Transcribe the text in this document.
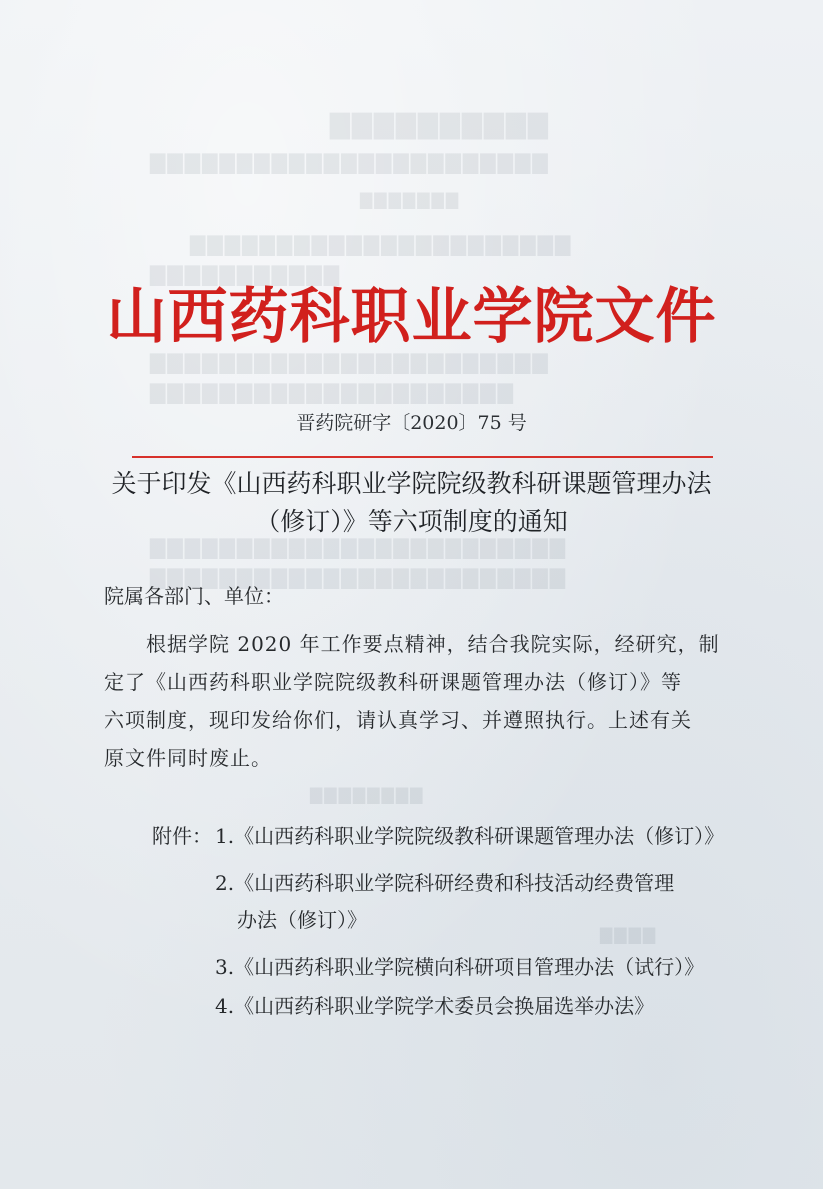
▇▇▇▇▇▇▇▇▇▇
▇▇▇▇▇▇▇▇▇▇▇▇▇▇▇▇▇▇▇▇▇▇▇
▇▇▇▇▇▇▇
▇▇▇▇▇▇▇▇▇▇▇▇▇▇▇▇▇▇▇▇▇▇
▇▇▇▇▇▇▇▇▇▇▇
▇▇▇▇▇▇▇▇▇▇▇▇▇▇▇▇▇▇▇▇▇▇▇
▇▇▇▇▇▇▇▇▇▇▇▇▇▇▇▇▇▇▇▇▇
▇▇▇▇▇▇▇▇▇▇▇▇▇▇▇▇▇▇▇▇▇▇▇▇
▇▇▇▇▇▇▇▇▇▇▇▇▇▇▇▇▇▇▇▇▇▇▇▇
▇▇▇▇▇▇▇▇
▇▇▇▇
山西药科职业学院文件
晋药院研字〔2020〕75 号
关于印发《山西药科职业学院院级教科研课题管理办法
（修订）》等六项制度的通知
院属各部门、单位：
根据学院 2020 年工作要点精神，结合我院实际，经研究，制
定了《山西药科职业学院院级教科研课题管理办法（修订）》等
六项制度，现印发给你们，请认真学习、并遵照执行。上述有关
原文件同时废止。
附件： 1.《山西药科职业学院院级教科研课题管理办法（修订）》
2.《山西药科职业学院科研经费和科技活动经费管理
办法（修订）》
3.《山西药科职业学院横向科研项目管理办法（试行）》
4.《山西药科职业学院学术委员会换届选举办法》
